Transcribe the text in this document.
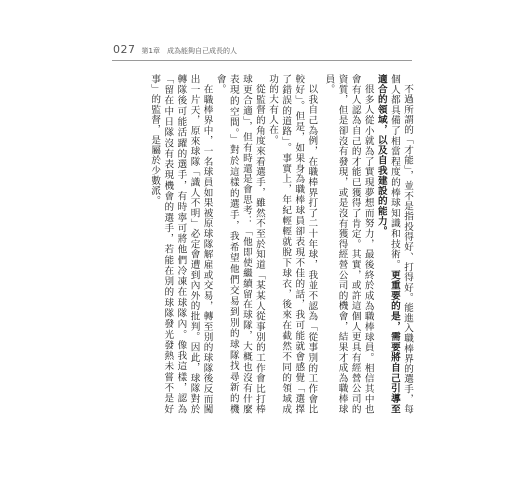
027 第1章　成為能夠自己成長的人

不過所謂的「才能」，並不是指投得好、打得好。能進入職棒界的選手，每個人都具備了相當程度的棒球知識和技術。更重要的是，需要將自己引導至適合的領域，以及自我建設的能力。

很多人從小就為了實現夢想而努力，最後終於成為職棒球員。相信其中也會有人認為自己的才能已獲得了肯定。其實，或許這個人更具有經營公司的資質，但是卻沒有發現，或是沒有獲得經營公司的機會，結果才成為職棒球員。

以我自己為例，在職棒界打了二十年球，我並不認為「從事別的工作會比較好」。但是，如果身為職棒球員卻表現不佳的話，我可能就會感覺「選擇了錯誤的道路」。事實上，年紀輕輕就脫下球衣，後來在截然不同的領域成功的大有人在。

從監督的角度來看選手，雖然不至於知道「某某人從事別的工作會比打棒球更合適」，但有時還是會思考：「他即使繼續留在球隊，大概也沒有什麼表現的空間。」對於這樣的選手，我希望他們交易到別的球隊找尋新的機會。

在職棒界中，一名球員如果被原球隊解雇或交易，轉至別的球隊後反而闖出一片天，原來球隊「識人不明」必定會遭到內外的批判。因此，球隊對於轉隊後可能活躍的選手，有時寧可將他們冷凍在球隊內。像我這樣，認為「留在中日隊沒有表現機會的選手，若能在別的球隊發光發熱未嘗不是好事」的監督，是屬於少數派。
